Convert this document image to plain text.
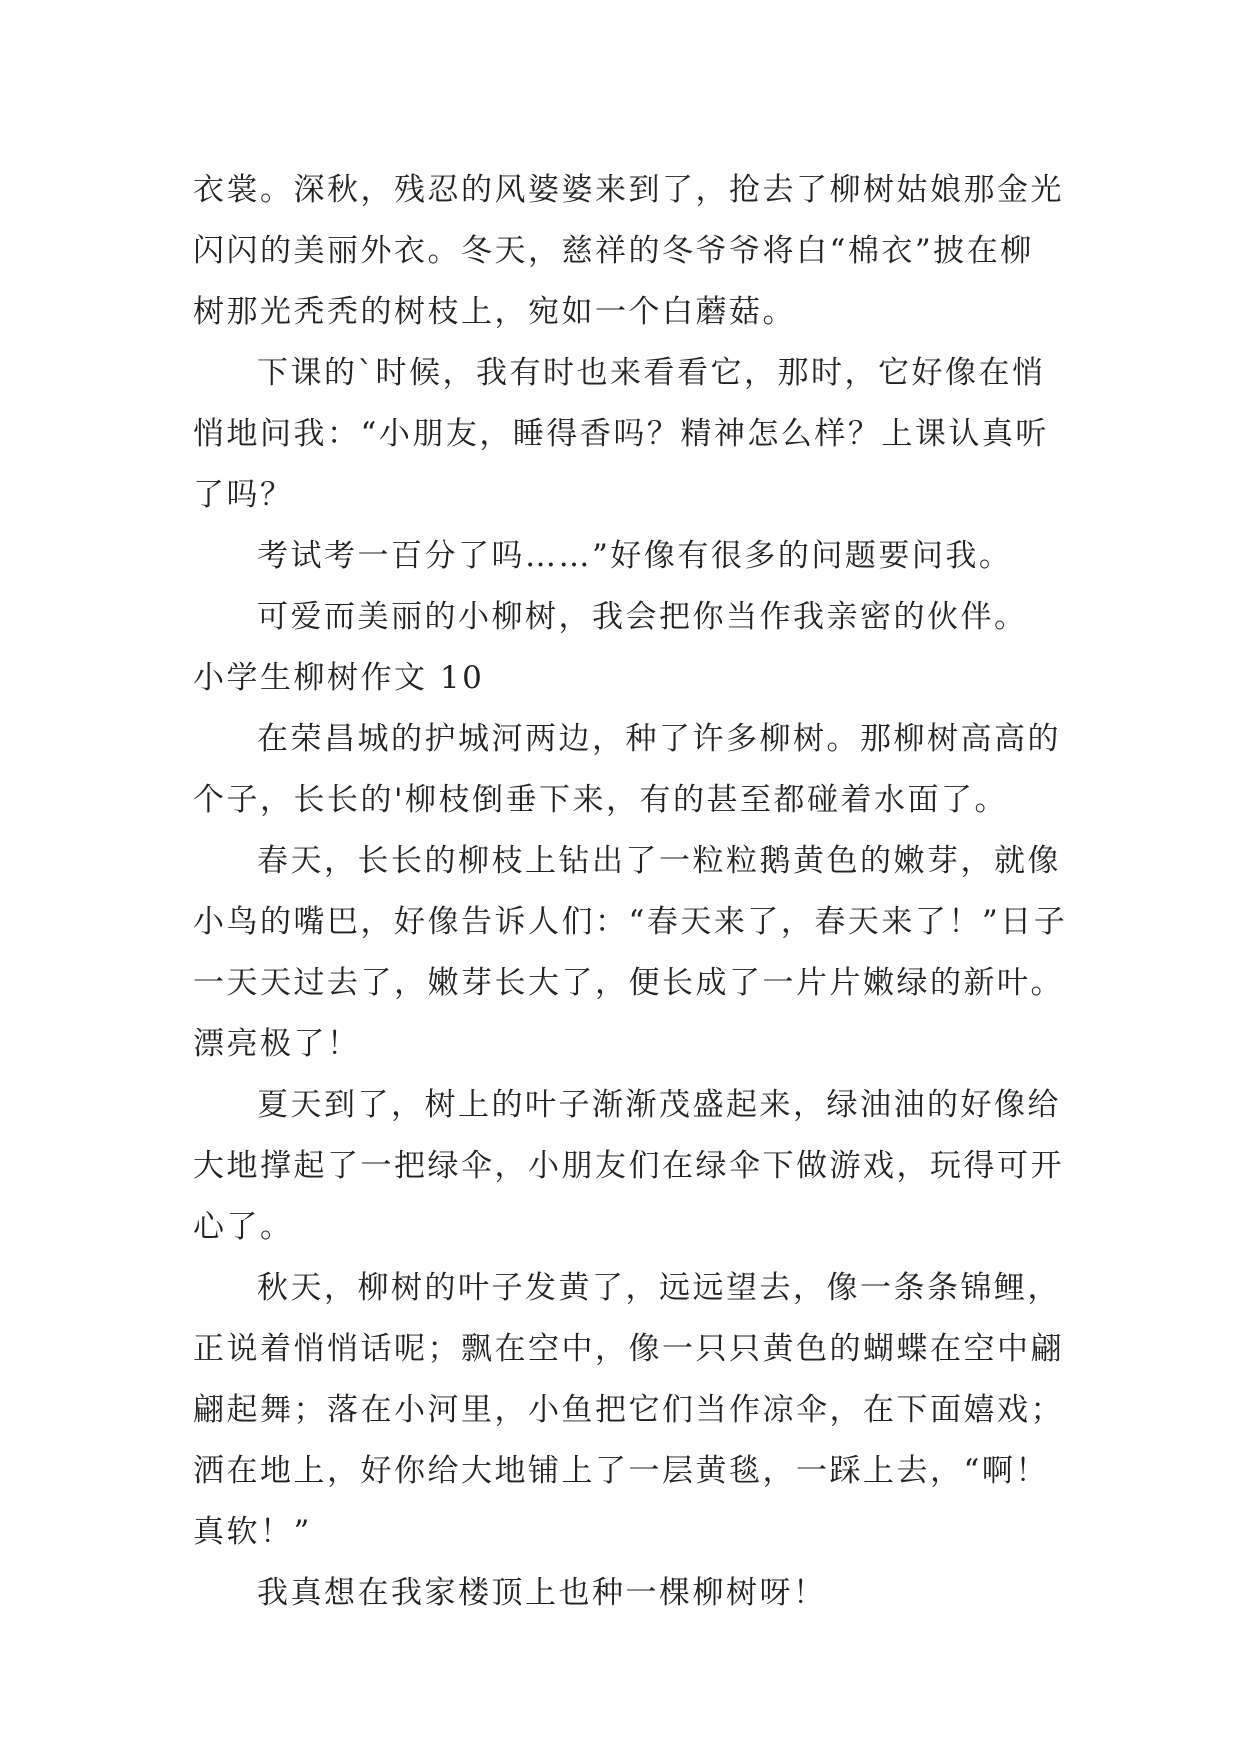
衣裳。深秋，残忍的风婆婆来到了，抢去了柳树姑娘那金光
闪闪的美丽外衣。冬天，慈祥的冬爷爷将白“棉衣”披在柳
树那光秃秃的树枝上，宛如一个白蘑菇。
下课的`时候，我有时也来看看它，那时，它好像在悄
悄地问我：“小朋友，睡得香吗？精神怎么样？上课认真听
了吗？
考试考一百分了吗……”好像有很多的问题要问我。
可爱而美丽的小柳树，我会把你当作我亲密的伙伴。
小学生柳树作文 10
在荣昌城的护城河两边，种了许多柳树。那柳树高高的
个子，长长的'柳枝倒垂下来，有的甚至都碰着水面了。
春天，长长的柳枝上钻出了一粒粒鹅黄色的嫩芽，就像
小鸟的嘴巴，好像告诉人们：“春天来了，春天来了！”日子
一天天过去了，嫩芽长大了，便长成了一片片嫩绿的新叶。
漂亮极了！
夏天到了，树上的叶子渐渐茂盛起来，绿油油的好像给
大地撑起了一把绿伞，小朋友们在绿伞下做游戏，玩得可开
心了。
秋天，柳树的叶子发黄了，远远望去，像一条条锦鲤，
正说着悄悄话呢；飘在空中，像一只只黄色的蝴蝶在空中翩
翩起舞；落在小河里，小鱼把它们当作凉伞，在下面嬉戏；
洒在地上，好你给大地铺上了一层黄毯，一踩上去，“啊！
真软！”
我真想在我家楼顶上也种一棵柳树呀！
